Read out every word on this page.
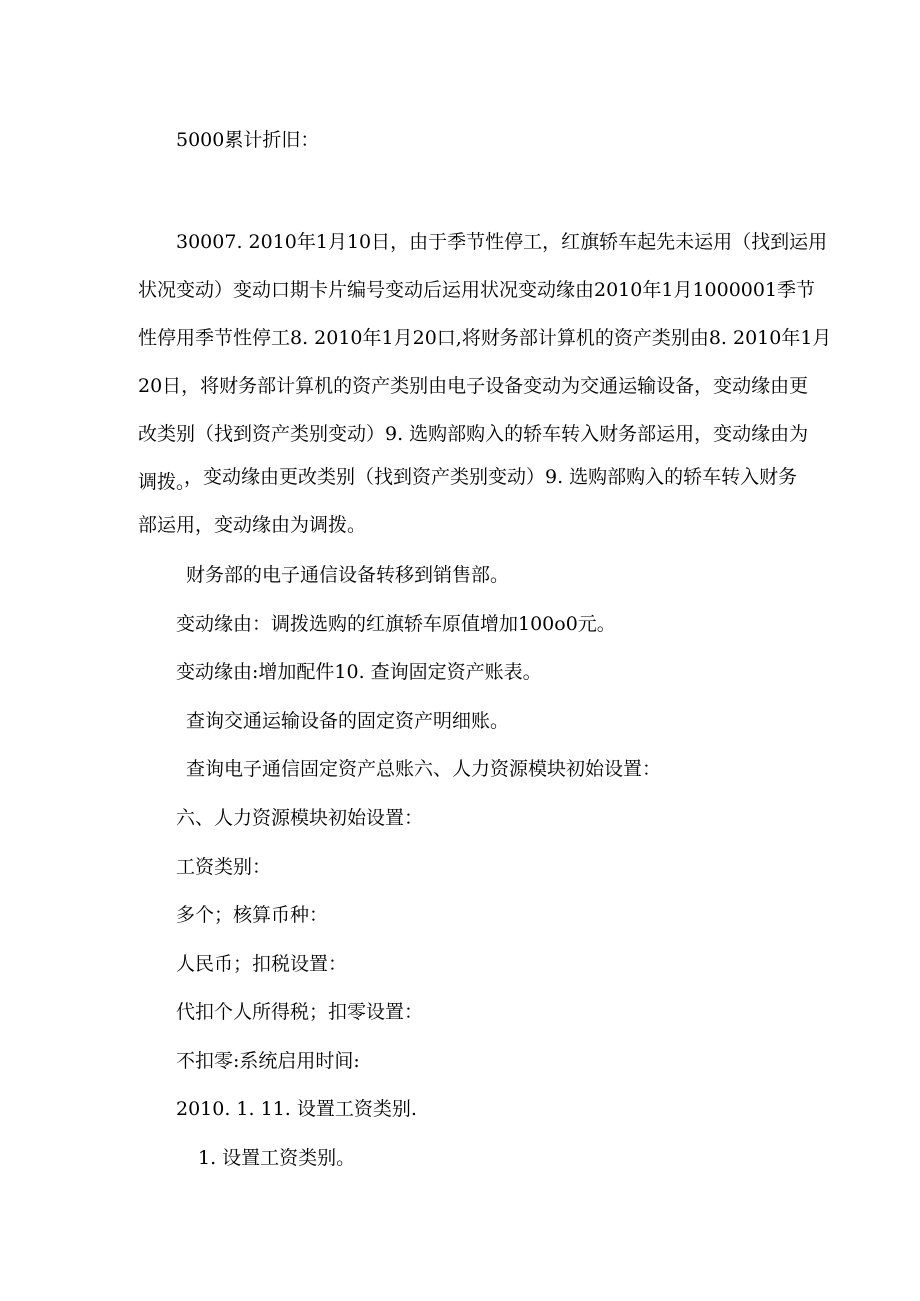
5000累计折旧：
30007. 2010年1月10日，由于季节性停工，红旗轿车起先未运用（找到运用
状况变动）变动口期卡片编号变动后运用状况变动缘由2010年1月1000001季节
性停用季节性停工8. 2010年1月20口,将财务部计算机的资产类别由8. 2010年1月
20日，将财务部计算机的资产类别由电子设备变动为交通运输设备，变动缘由更
改类别（找到资产类别变动）9. 选购部购入的轿车转入财务部运用，变动缘由为
调拨。
，变动缘由更改类别（找到资产类别变动）9. 选购部购入的轿车转入财务
部运用，变动缘由为调拨。
财务部的电子通信设备转移到销售部。
变动缘由：调拨选购的红旗轿车原值增加100o0元。
变动缘由:增加配件10. 查询固定资产账表。
查询交通运输设备的固定资产明细账。
查询电子通信固定资产总账六、人力资源模块初始设置：
六、人力资源模块初始设置：
工资类别：
多个；核算币种：
人民币；扣税设置：
代扣个人所得税；扣零设置：
不扣零:系统启用时间:
2010. 1. 11. 设置工资类别.
1. 设置工资类别。
